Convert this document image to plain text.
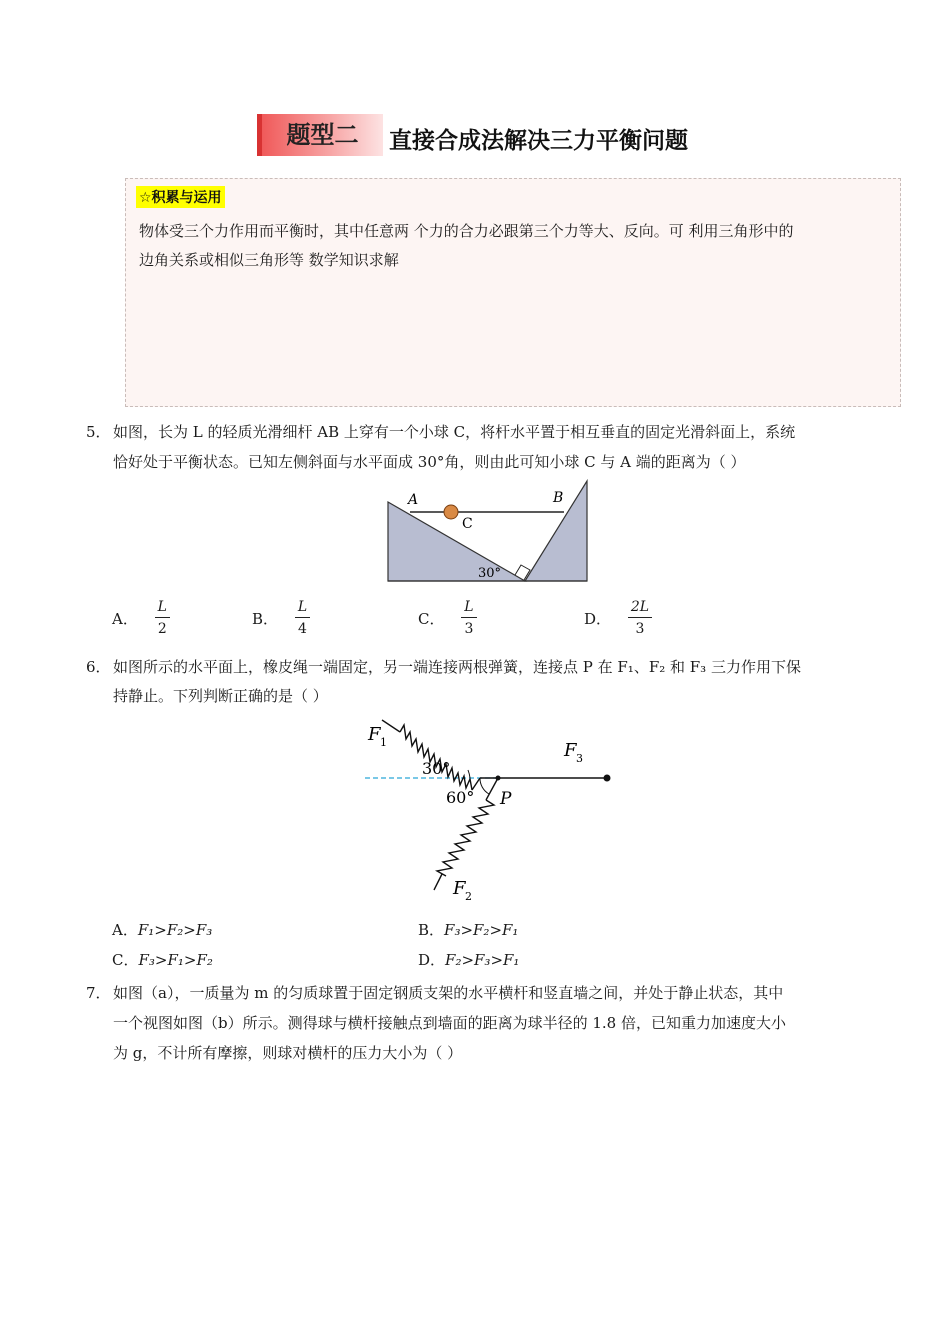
题型二	直接合成法解决三力平衡问题
☆积累与运用
物体受三个力作用而平衡时，其中任意两 个力的合力必跟第三个力等大、反向。可 利用三角形中的
边角关系或相似三角形等 数学知识求解
5． 如图，长为 L 的轻质光滑细杆 AB 上穿有一个小球 C，将杆水平置于相互垂直的固定光滑斜面上，系统
恰好处于平衡状态。已知左侧斜面与水平面成 30°角，则由此可知小球 C 与 A 端的距离为（ ）
A	B
C
30°
A． $\frac{L}{2}$	B． $\frac{L}{4}$	C． $\frac{L}{3}$	D． $\frac{2L}{3}$
6． 如图所示的水平面上，橡皮绳一端固定，另一端连接两根弹簧，连接点 P 在 F₁、F₂ 和 F₃ 三力作用下保
持静止。下列判断正确的是（ ）
30°
60° P
F 1
F 2
F 3
A．F₁>F₂>F₃	B．F₃>F₂>F₁
C．F₃>F₁>F₂	D．F₂>F₃>F₁
7． 如图（a），一质量为 m 的匀质球置于固定钢质支架的水平横杆和竖直墙之间，并处于静止状态，其中
一个视图如图（b）所示。测得球与横杆接触点到墙面的距离为球半径的 1.8 倍，已知重力加速度大小
为 g，不计所有摩擦，则球对横杆的压力大小为（ ）
